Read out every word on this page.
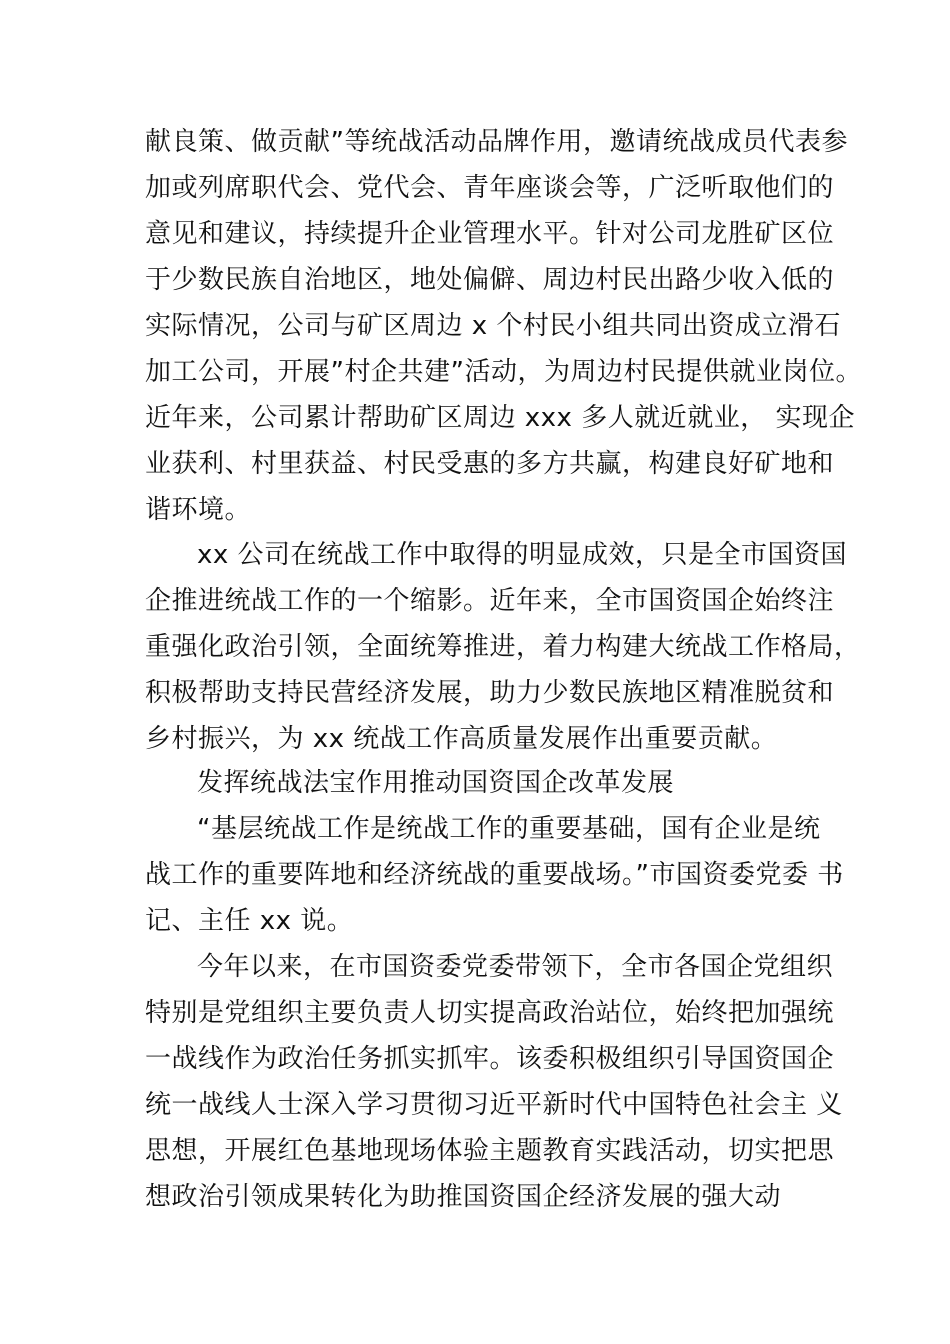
献良策、做贡献”等统战活动品牌作用，邀请统战成员代表参
加或列席职代会、党代会、青年座谈会等，广泛听取他们的
意见和建议，持续提升企业管理水平。针对公司龙胜矿区位
于少数民族自治地区，地处偏僻、周边村民出路少收入低的
实际情况，公司与矿区周边 x 个村民小组共同出资成立滑石
加工公司，开展”村企共建”活动，为周边村民提供就业岗位。
近年来，公司累计帮助矿区周边 xxx 多人就近就业， 实现企
业获利、村里获益、村民受惠的多方共赢，构建良好矿地和
谐环境。
xx 公司在统战工作中取得的明显成效，只是全市国资国
企推进统战工作的一个缩影。近年来，全市国资国企始终注
重强化政治引领，全面统筹推进，着力构建大统战工作格局，
积极帮助支持民营经济发展，助力少数民族地区精准脱贫和
乡村振兴，为 xx 统战工作高质量发展作出重要贡献。
发挥统战法宝作用推动国资国企改革发展
“基层统战工作是统战工作的重要基础，国有企业是统
战工作的重要阵地和经济统战的重要战场。”市国资委党委 书
记、主任 xx 说。
今年以来，在市国资委党委带领下，全市各国企党组织
特别是党组织主要负责人切实提高政治站位，始终把加强统
一战线作为政治任务抓实抓牢。该委积极组织引导国资国企
统一战线人士深入学习贯彻习近平新时代中国特色社会主 义
思想，开展红色基地现场体验主题教育实践活动，切实把思
想政治引领成果转化为助推国资国企经济发展的强大动
